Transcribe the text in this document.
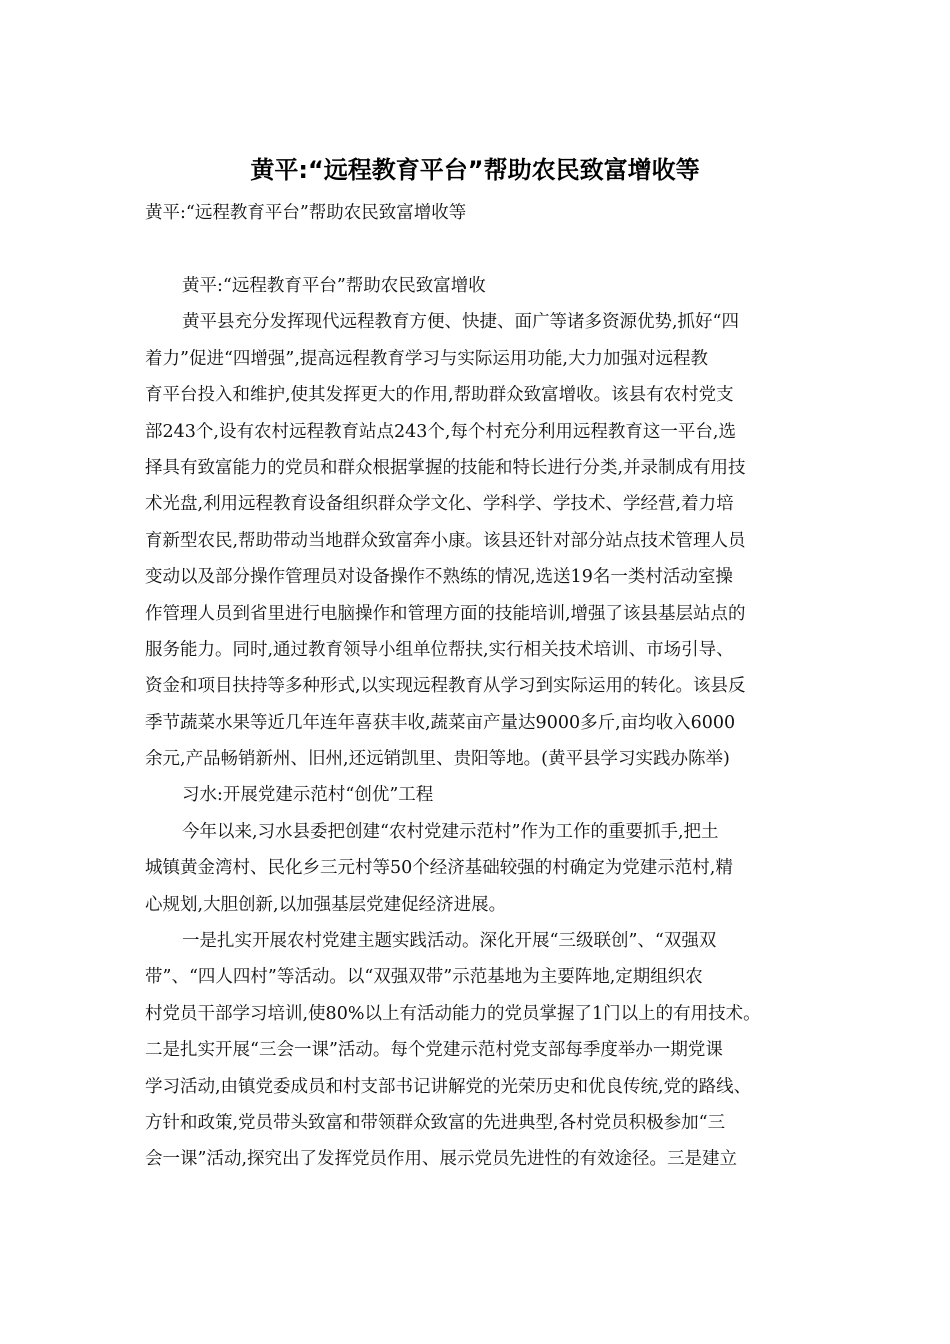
黄平:“远程教育平台”帮助农民致富增收等
黄平:“远程教育平台”帮助农民致富增收等
黄平:“远程教育平台”帮助农民致富增收
黄平县充分发挥现代远程教育方便、快捷、面广等诸多资源优势,抓好“四
着力”促进“四增强”,提高远程教育学习与实际运用功能,大力加强对远程教
育平台投入和维护,使其发挥更大的作用,帮助群众致富增收。该县有农村党支
部243个,设有农村远程教育站点243个,每个村充分利用远程教育这一平台,选
择具有致富能力的党员和群众根据掌握的技能和特长进行分类,并录制成有用技
术光盘,利用远程教育设备组织群众学文化、学科学、学技术、学经营,着力培
育新型农民,帮助带动当地群众致富奔小康。该县还针对部分站点技术管理人员
变动以及部分操作管理员对设备操作不熟练的情况,选送19名一类村活动室操
作管理人员到省里进行电脑操作和管理方面的技能培训,增强了该县基层站点的
服务能力。同时,通过教育领导小组单位帮扶,实行相关技术培训、市场引导、
资金和项目扶持等多种形式,以实现远程教育从学习到实际运用的转化。该县反
季节蔬菜水果等近几年连年喜获丰收,蔬菜亩产量达9000多斤,亩均收入6000
余元,产品畅销新州、旧州,还远销凯里、贵阳等地。(黄平县学习实践办陈举)
习水:开展党建示范村“创优”工程
今年以来,习水县委把创建“农村党建示范村”作为工作的重要抓手,把土
城镇黄金湾村、民化乡三元村等50个经济基础较强的村确定为党建示范村,精
心规划,大胆创新,以加强基层党建促经济进展。
一是扎实开展农村党建主题实践活动。深化开展“三级联创”、“双强双
带”、“四人四村”等活动。以“双强双带”示范基地为主要阵地,定期组织农
村党员干部学习培训,使80%以上有活动能力的党员掌握了1门以上的有用技术。
二是扎实开展“三会一课”活动。每个党建示范村党支部每季度举办一期党课
学习活动,由镇党委成员和村支部书记讲解党的光荣历史和优良传统,党的路线、
方针和政策,党员带头致富和带领群众致富的先进典型,各村党员积极参加“三
会一课”活动,探究出了发挥党员作用、展示党员先进性的有效途径。三是建立
